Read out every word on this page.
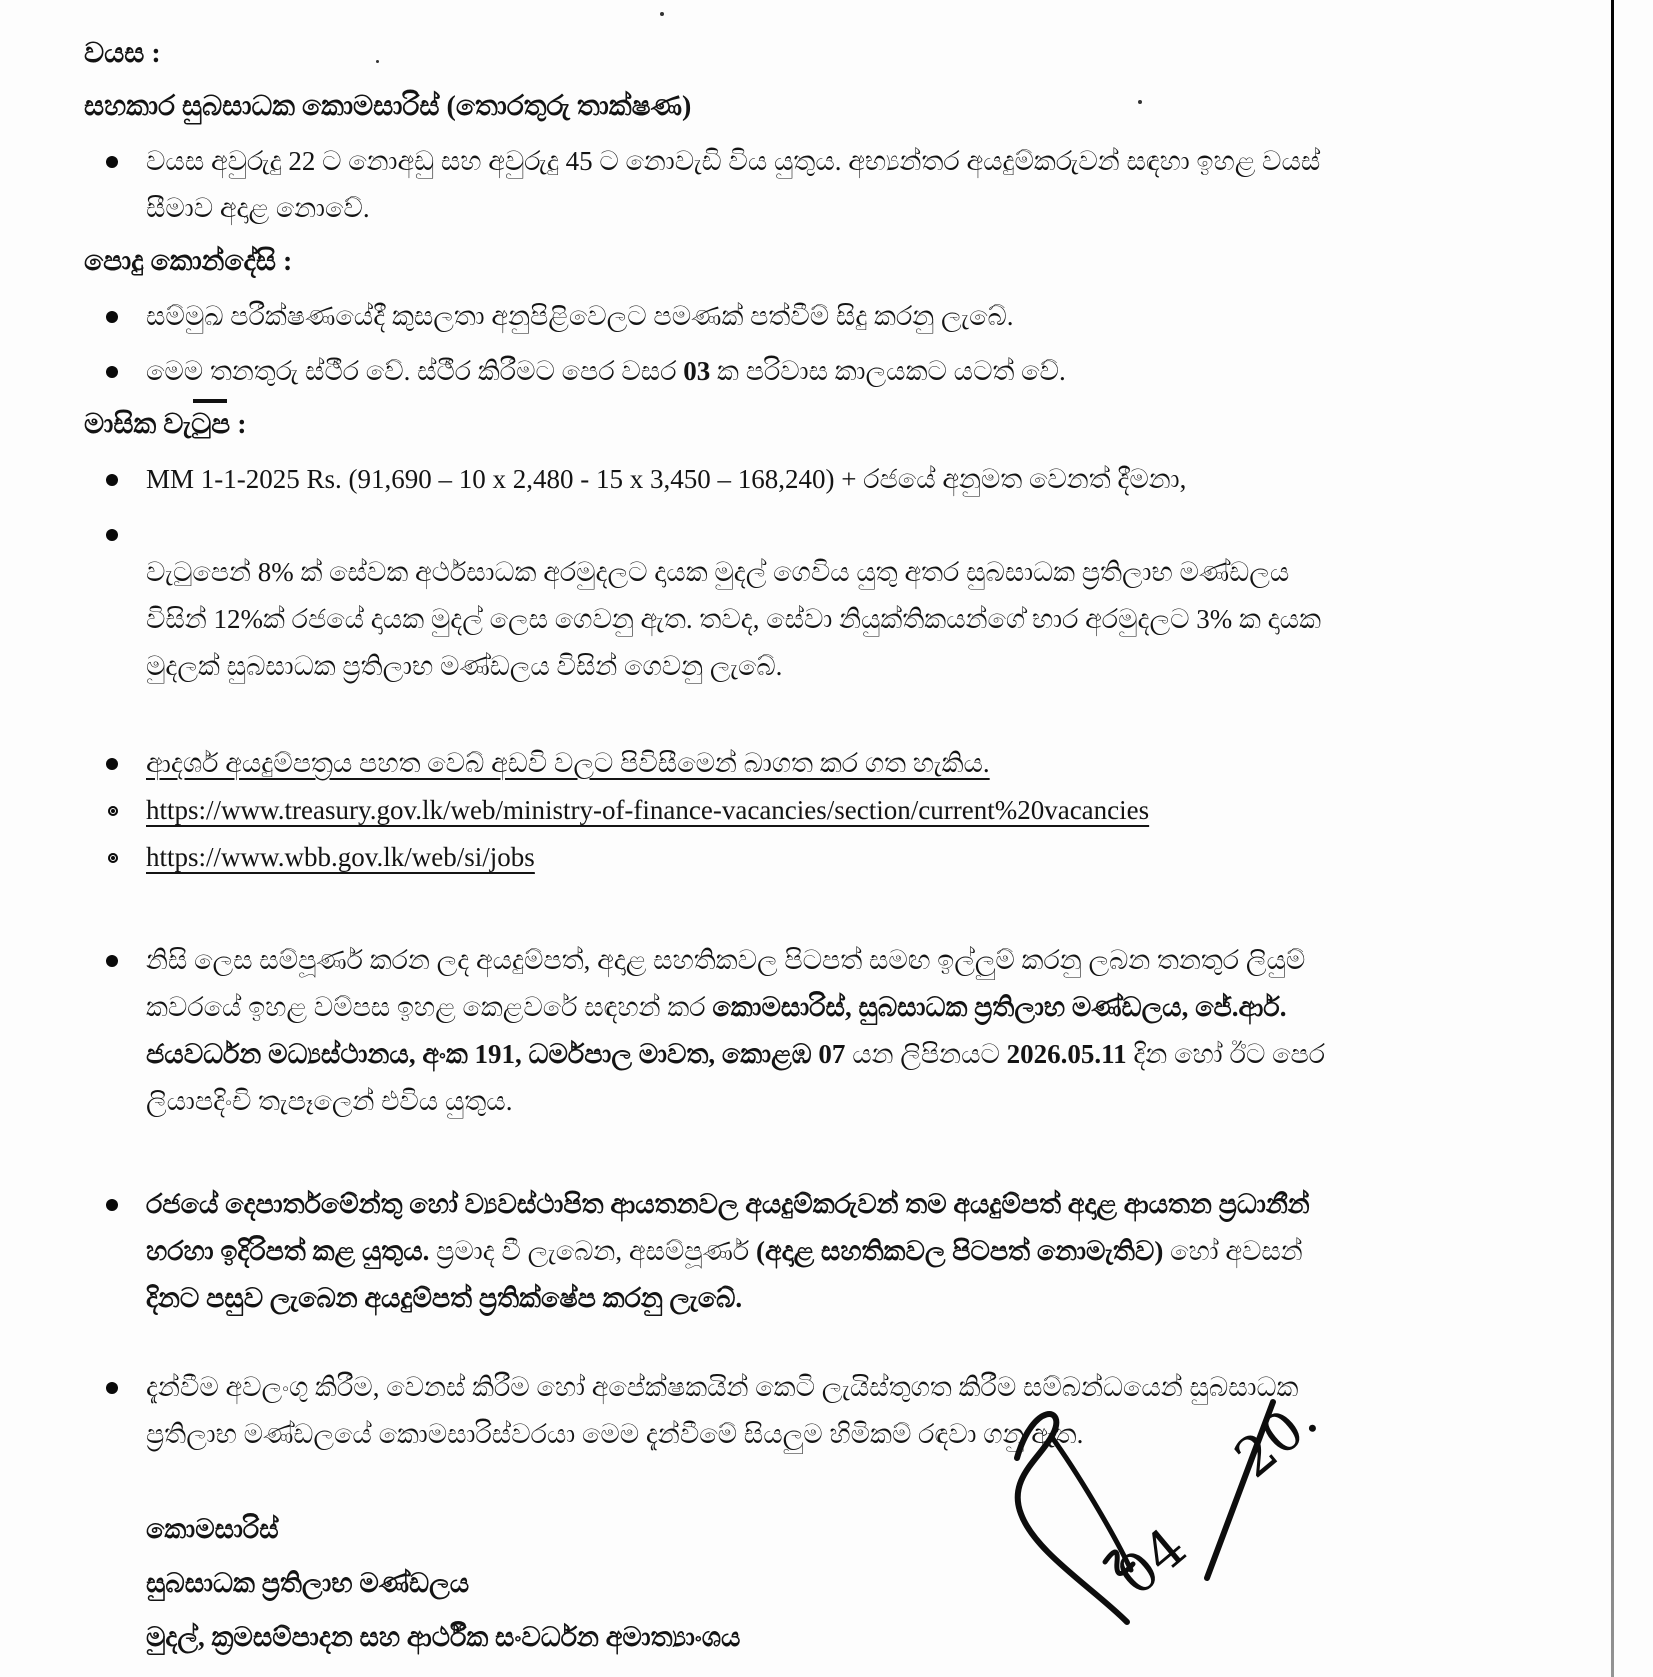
වයස :
සහකාර සුබසාධක කොමසාරිස් (තොරතුරු තාක්ෂණ)
වයස අවුරුදු 22 ට නොඅඩු සහ අවුරුදු 45 ට නොවැඩි විය යුතුය. අභ්‍යන්තර අයදුම්කරුවන් සඳහා ඉහළ වයස්
සීමාව අදාළ නොවේ.
පොදු කොන්දේසි :
සම්මුඛ පරීක්ෂණයේදී කුසලතා අනුපිළිවෙලට පමණක් පත්වීම් සිදු කරනු ලැබේ.
මෙම තනතුරු ස්ථීර වේ. ස්ථීර කිරීමට පෙර වසර 03 ක පරිවාස කාලයකට යටත් වේ.
මාසික වැටුප :
MM 1-1-2025 Rs. (91,690 – 10 x 2,480 - 15 x 3,450 – 168,240) + රජයේ අනුමත වෙනත් දීමනා,
වැටුපෙන් 8% ක් සේවක අර්ථසාධක අරමුදලට දායක මුදල් ගෙවිය යුතු අතර සුබසාධක ප්‍රතිලාභ මණ්ඩලය
විසින් 12%ක් රජයේ දායක මුදල් ලෙස ගෙවනු ඇත. තවද, සේවා නියුක්තිකයන්ගේ භාර අරමුදලට 3% ක දායක
මුදලක් සුබසාධක ප්‍රතිලාභ මණ්ඩලය විසින් ගෙවනු ලැබේ.
ආදර්ශ අයදුම්පත්‍රය පහත වෙබ් අඩවි වලට පිවිසීමෙන් බාගත කර ගත හැකිය.
https://www.treasury.gov.lk/web/ministry-of-finance-vacancies/section/current%20vacancies
https://www.wbb.gov.lk/web/si/jobs
නිසි ලෙස සම්පූර්ණ කරන ලද අයදුම්පත්, අදාළ සහතිකවල පිටපත් සමඟ ඉල්ලුම් කරනු ලබන තනතුර ලියුම්
කවරයේ ඉහළ වම්පස ඉහළ කෙළවරේ සඳහන් කර කොමසාරිස්, සුබසාධක ප්‍රතිලාභ මණ්ඩලය, ජේ.ආර්.
ජයවර්ධන මධ්‍යස්ථානය, අංක 191, ධර්මපාල මාවත, කොළඹ 07 යන ලිපිනයට 2026.05.11 දින හෝ ඊට පෙර
ලියාපදිංචි තැපෑලෙන් එවිය යුතුය.
රජයේ දෙපාර්තමේන්තු හෝ ව්‍යවස්ථාපිත ආයතනවල අයදුම්කරුවන් තම අයදුම්පත් අදාළ ආයතන ප්‍රධානීන්
හරහා ඉදිරිපත් කළ යුතුය. ප්‍රමාද වී ලැබෙන, අසම්පූර්ණ (අදාළ සහතිකවල පිටපත් නොමැතිව) හෝ අවසන්
දිනට පසුව ලැබෙන අයදුම්පත් ප්‍රතික්ෂේප කරනු ලැබේ.
දැන්වීම අවලංගු කිරීම, වෙනස් කිරීම හෝ අපේක්ෂකයින් කෙටි ලැයිස්තුගත කිරීම සම්බන්ධයෙන් සුබසාධක
ප්‍රතිලාභ මණ්ඩලයේ කොමසාරිස්වරයා මෙම දැන්වීමේ සියලුම හිමිකම් රඳවා ගනු ඇත.
කොමසාරිස්
සුබසාධක ප්‍රතිලාභ මණ්ඩලය
මුදල්, ක්‍රමසම්පාදන සහ ආර්ථීක සංවර්ධන අමාත්‍යාංශය
04
20.
